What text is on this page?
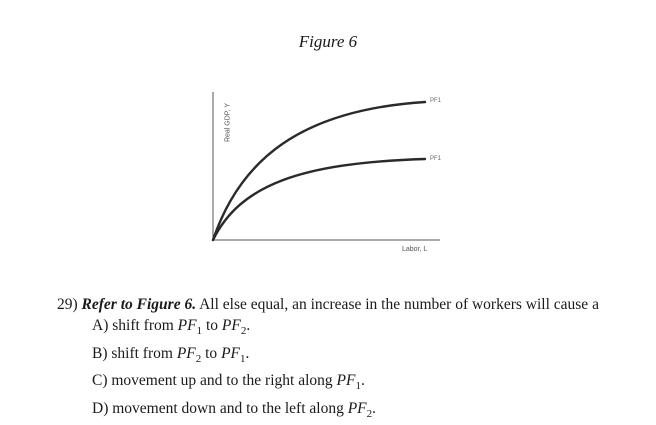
Figure 6
Real GDP, Y
Labor, L
PF1
PF1
29) Refer to Figure 6. All else equal, an increase in the number of workers will cause a
A) shift from $PF_1$ to $PF_2$.
B) shift from $PF_2$ to $PF_1$.
C) movement up and to the right along $PF_1$.
D) movement down and to the left along $PF_2$.
